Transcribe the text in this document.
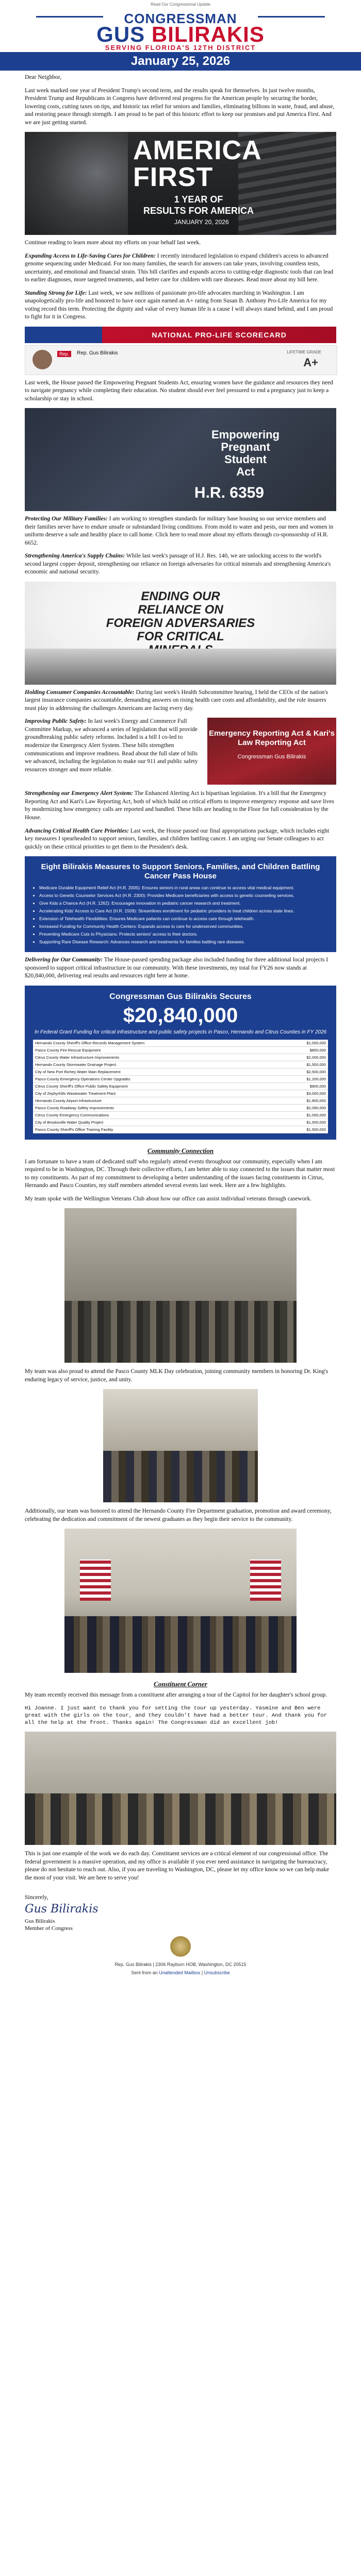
Read Our Congressional Update
CONGRESSMAN
GUS BILIRAKIS
SERVING FLORIDA'S 12TH DISTRICT
January 25, 2026

Dear Neighbor,

Last week marked one year of President Trump's second term, and the results speak for themselves. In just twelve months, President Trump and Republicans in Congress have delivered real progress for the American people by securing the border, lowering costs, cutting taxes on tips, and historic tax relief for seniors and families, eliminating billions in waste, fraud, and abuse, and restoring peace through strength. I am proud to be part of this historic effort to keep our promises and put America First. And we are just getting started.

AMERICA
FIRST
1 YEAR OF
RESULTS FOR AMERICA
JANUARY 20, 2026

Continue reading to learn more about my efforts on your behalf last week.

Expanding Access to Life-Saving Cures for Children: I recently introduced legislation to expand children's access to advanced genome sequencing under Medicaid. For too many families, the search for answers can take years, involving countless tests, uncertainty, and emotional and financial strain. This bill clarifies and expands access to cutting-edge diagnostic tools that can lead to earlier diagnoses, more targeted treatments, and better care for children with rare diseases. Read more about my bill here.

Standing Strong for Life: Last week, we saw millions of passionate pro-life advocates marching in Washington. I am unapologetically pro-life and honored to have once again earned an A+ rating from Susan B. Anthony Pro-Life America for my voting record this term. Protecting the dignity and value of every human life is a cause I will always stand behind, and I am proud to fight for it in Congress.

NATIONAL PRO-LIFE SCORECARD
Rep.	Rep. Gus Bilirakis	LIFETIME GRADE
A+

Last week, the House passed the Empowering Pregnant Students Act, ensuring women have the guidance and resources they need to navigate pregnancy while completing their education. No student should ever feel pressured to end a pregnancy just to keep a scholarship or stay in school.

Empowering
Pregnant
Student
Act
H.R. 6359

Protecting Our Military Families: I am working to strengthen standards for military base housing so our service members and their families never have to endure unsafe or substandard living conditions. From mold to water and pests, our men and women in uniform deserve a safe and healthy place to call home. Click here to read more about my efforts through co-sponsorship of H.R. 6652.

Strengthening America's Supply Chains: While last week's passage of H.J. Res. 140, we are unlocking access to the world's second largest copper deposit, strengthening our reliance on foreign adversaries for critical minerals and strengthening America's economic and national security.

ENDING OUR
RELIANCE ON
FOREIGN ADVERSARIES
FOR CRITICAL

Holding Consumer Companies Accountable: During last week's Health Subcommittee hearing, I held the CEOs of the nation's largest insurance companies accountable, demanding answers on rising health care costs and affordability, and the role insurers must play in addressing the challenges Americans are facing every day.

Improving Public Safety: In last week's Energy and Commerce Full Committee Markup, we advanced a series of legislation that will provide groundbreaking public safety reforms. Included is a bill I co-led to modernize the Emergency Alert System. These bills strengthen communications and improve readiness. Read about the full slate of bills we advanced, including the legislation to make our 911 and public safety resources stronger and more reliable.

Emergency Reporting Act & Kari's Law Reporting Act
Congressman Gus Bilirakis

Strengthening our Emergency Alert System: The Enhanced Alerting Act is bipartisan legislation. It's a bill that the Emergency Reporting Act and Kari's Law Reporting Act, both of which build on critical efforts to improve emergency response and save lives by modernizing how emergency calls are reported and handled. These bills are heading to the Floor for full consideration by the House.

Advancing Critical Health Care Priorities: Last week, the House passed our final appropriations package, which includes eight key measures I spearheaded to support seniors, families, and children battling cancer. I am urging our Senate colleagues to act quickly on these critical priorities to get them to the President's desk.

Eight Bilirakis Measures to Support Seniors, Families, and Children Battling Cancer Pass House
• Medicare Durable Equipment Relief Act (H.R. 2005): Ensures seniors in rural areas can continue to access vital medical equipment.
• Access to Genetic Counselor Services Act (H.R. 2300): Provides Medicare beneficiaries with access to genetic counseling services.
• Give Kids a Chance Act (H.R. 1262): Encourages innovation in pediatric cancer research and treatment.
• Accelerating Kids' Access to Care Act (H.R. 1509): Streamlines enrollment for pediatric providers to treat children across state lines.
• Extension of Telehealth Flexibilities: Ensures Medicare patients can continue to access care through telehealth.
• Increased Funding for Community Health Centers: Expands access to care for underserved communities.
• Preventing Medicare Cuts to Physicians: Protects seniors' access to their doctors.
• Supporting Rare Disease Research: Advances research and treatments for families battling rare diseases.

Delivering for Our Community: The House-passed spending package also included funding for three additional local projects I sponsored to support critical infrastructure in our community. With these investments, my total for FY26 now stands at $20,840,000, delivering real results and resources right here at home.

Congressman Gus Bilirakis Secures
$20,840,000
In Federal Grant Funding for critical infrastructure and public safety projects in Pasco, Hernando and Citrus Counties in FY 2026
Hernando County Sheriff's Office Records Management System	$1,000,000
Pasco County Fire Rescue Equipment	$850,000
Citrus County Water Infrastructure Improvements	$2,000,000
Hernando County Stormwater Drainage Project	$1,500,000
City of New Port Richey Water Main Replacement	$2,500,000
Pasco County Emergency Operations Center Upgrades	$1,200,000
Citrus County Sheriff's Office Public Safety Equipment	$900,000
City of Zephyrhills Wastewater Treatment Plant	$3,000,000
Hernando County Airport Infrastructure	$1,800,000
Pasco County Roadway Safety Improvements	$2,090,000
Citrus County Emergency Communications	$1,000,000
City of Brooksville Water Quality Project	$1,500,000
Pasco County Sheriff's Office Training Facility	$1,500,000
Community Connection

I am fortunate to have a team of dedicated staff who regularly attend events throughout our community, especially when I am required to be in Washington, DC. Through their collective efforts, I am better able to stay connected to the issues that matter most to my constituents. As part of my commitment to developing a better understanding of the issues facing constituents in Citrus, Hernando and Pasco Counties, my staff members attended several events last week. Here are a few highlights.

My team spoke with the Wellington Veterans Club about how our office can assist individual veterans through casework.

My team was also proud to attend the Pasco County MLK Day celebration, joining community members in honoring Dr. King's enduring legacy of service, justice, and unity.

Additionally, our team was honored to attend the Hernando County Fire Department graduation, promotion and award ceremony, celebrating the dedication and commitment of the newest graduates as they begin their service to the community.

Constituent Corner

My team recently received this message from a constituent after arranging a tour of the Capitol for her daughter's school group.

Hi Joanne. I just want to thank you for setting the tour up yesterday. Yasmine and Ben were great with the girls on the tour, and they couldn't have had a better tour. And thank you for all the help at the front. Thanks again! The Congressman did an excellent job!

This is just one example of the work we do each day. Constituent services are a critical element of our congressional office. The federal government is a massive operation, and my office is available if you ever need assistance in navigating the bureaucracy, please do not hesitate to reach out. Also, if you are traveling to Washington, DC, please let my office know so we can help make the most of your visit. We are here to serve you!

Sincerely,
Gus Bilirakis
Gus Bilirakis
Member of Congress
Rep. Gus Bilirakis | 2306 Rayburn HOB, Washington, DC 20515
Sent from an Unattended Mailbox | Unsubscribe
